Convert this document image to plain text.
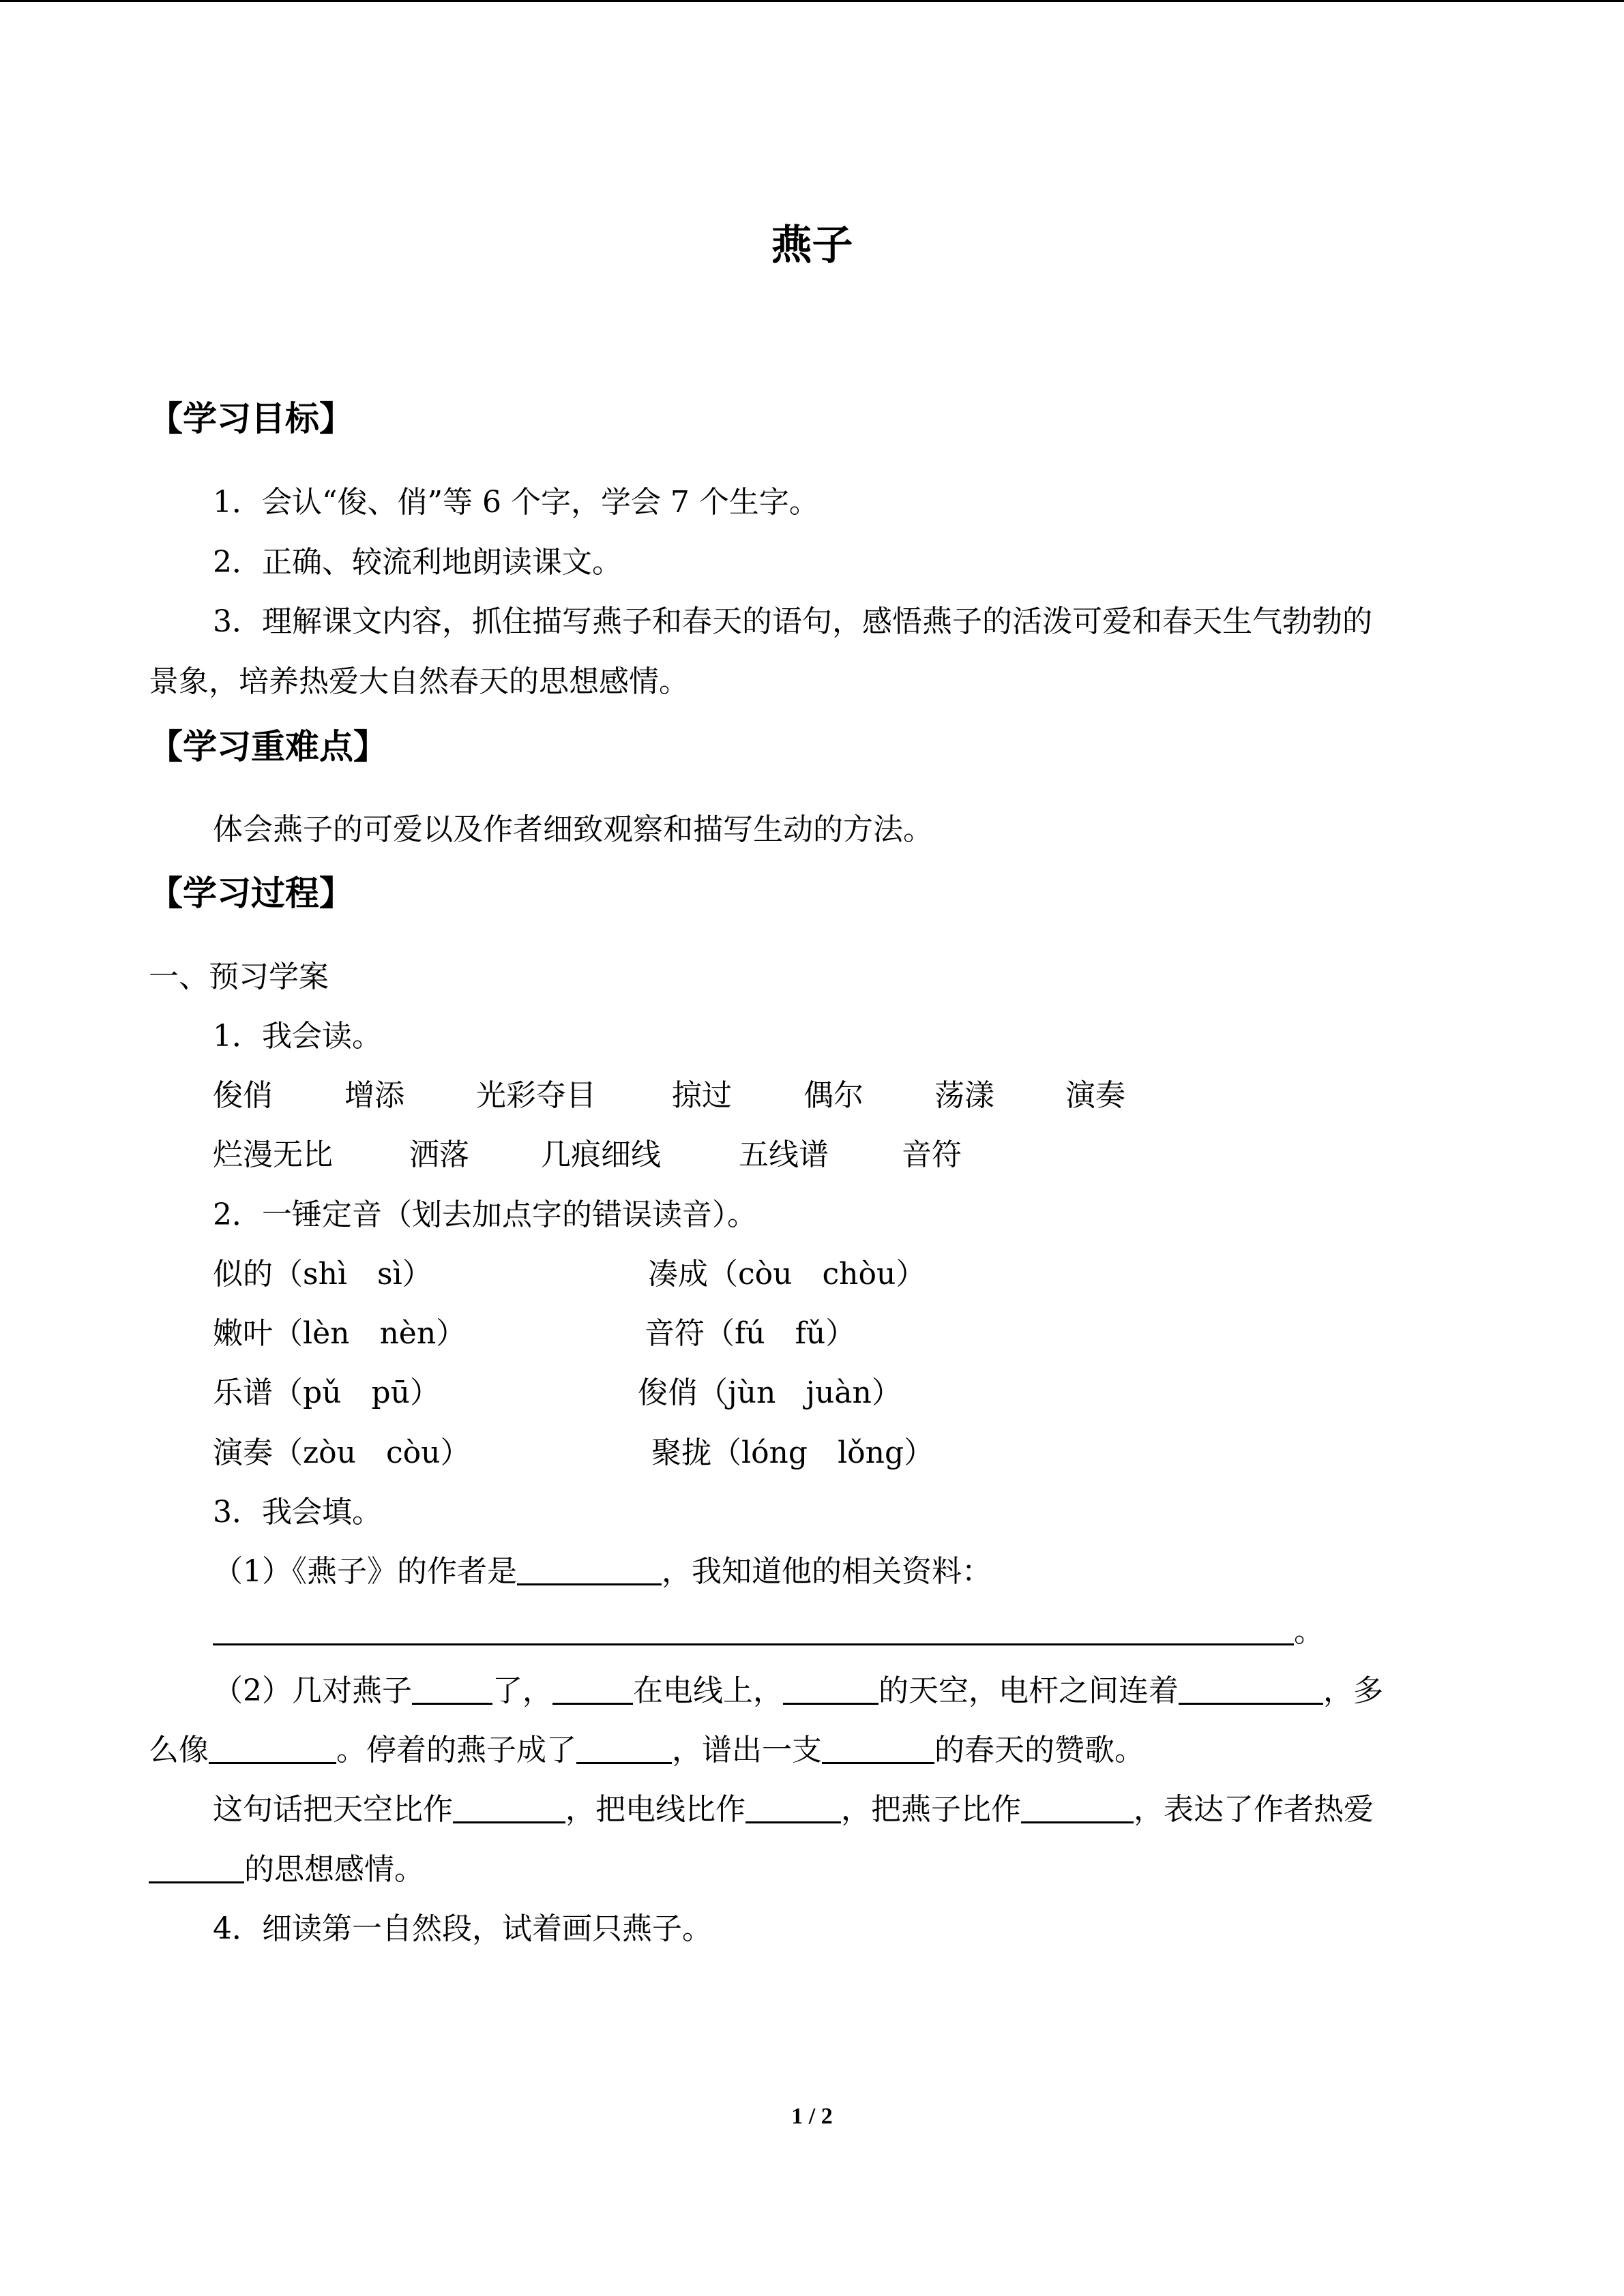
燕子
【学习目标】
1．会认“俊、俏”等 6 个字，学会 7 个生字。
2．正确、较流利地朗读课文。
3．理解课文内容，抓住描写燕子和春天的语句，感悟燕子的活泼可爱和春天生气勃勃的
景象，培养热爱大自然春天的思想感情。
【学习重难点】
体会燕子的可爱以及作者细致观察和描写生动的方法。
【学习过程】
一、预习学案
1．我会读。
俊俏 增添 光彩夺目	掠过 偶尔 荡漾 演奏
烂漫无比	洒落 几痕细线	五线谱 音符
2．一锤定音（划去加点字的错误读音）。
似的（shì　sì）	凑成（còu　chòu）
嫩叶（lèn　nèn）	音符（fú　fǔ）
乐谱（pǔ　pū）	俊俏（jùn　juàn）
演奏（zòu　còu）	聚拢（lóng　lǒng）
3．我会填。
（1）《燕子》的作者是	，我知道他的相关资料：
。
（2）几对燕子	了，	在电线上，	的天空，电杆之间连着	，多
么像	。停着的燕子成了	，谱出一支	的春天的赞歌。
这句话把天空比作	，把电线比作	，把燕子比作	，表达了作者热爱
的思想感情。
4．细读第一自然段，试着画只燕子。
1 / 2
